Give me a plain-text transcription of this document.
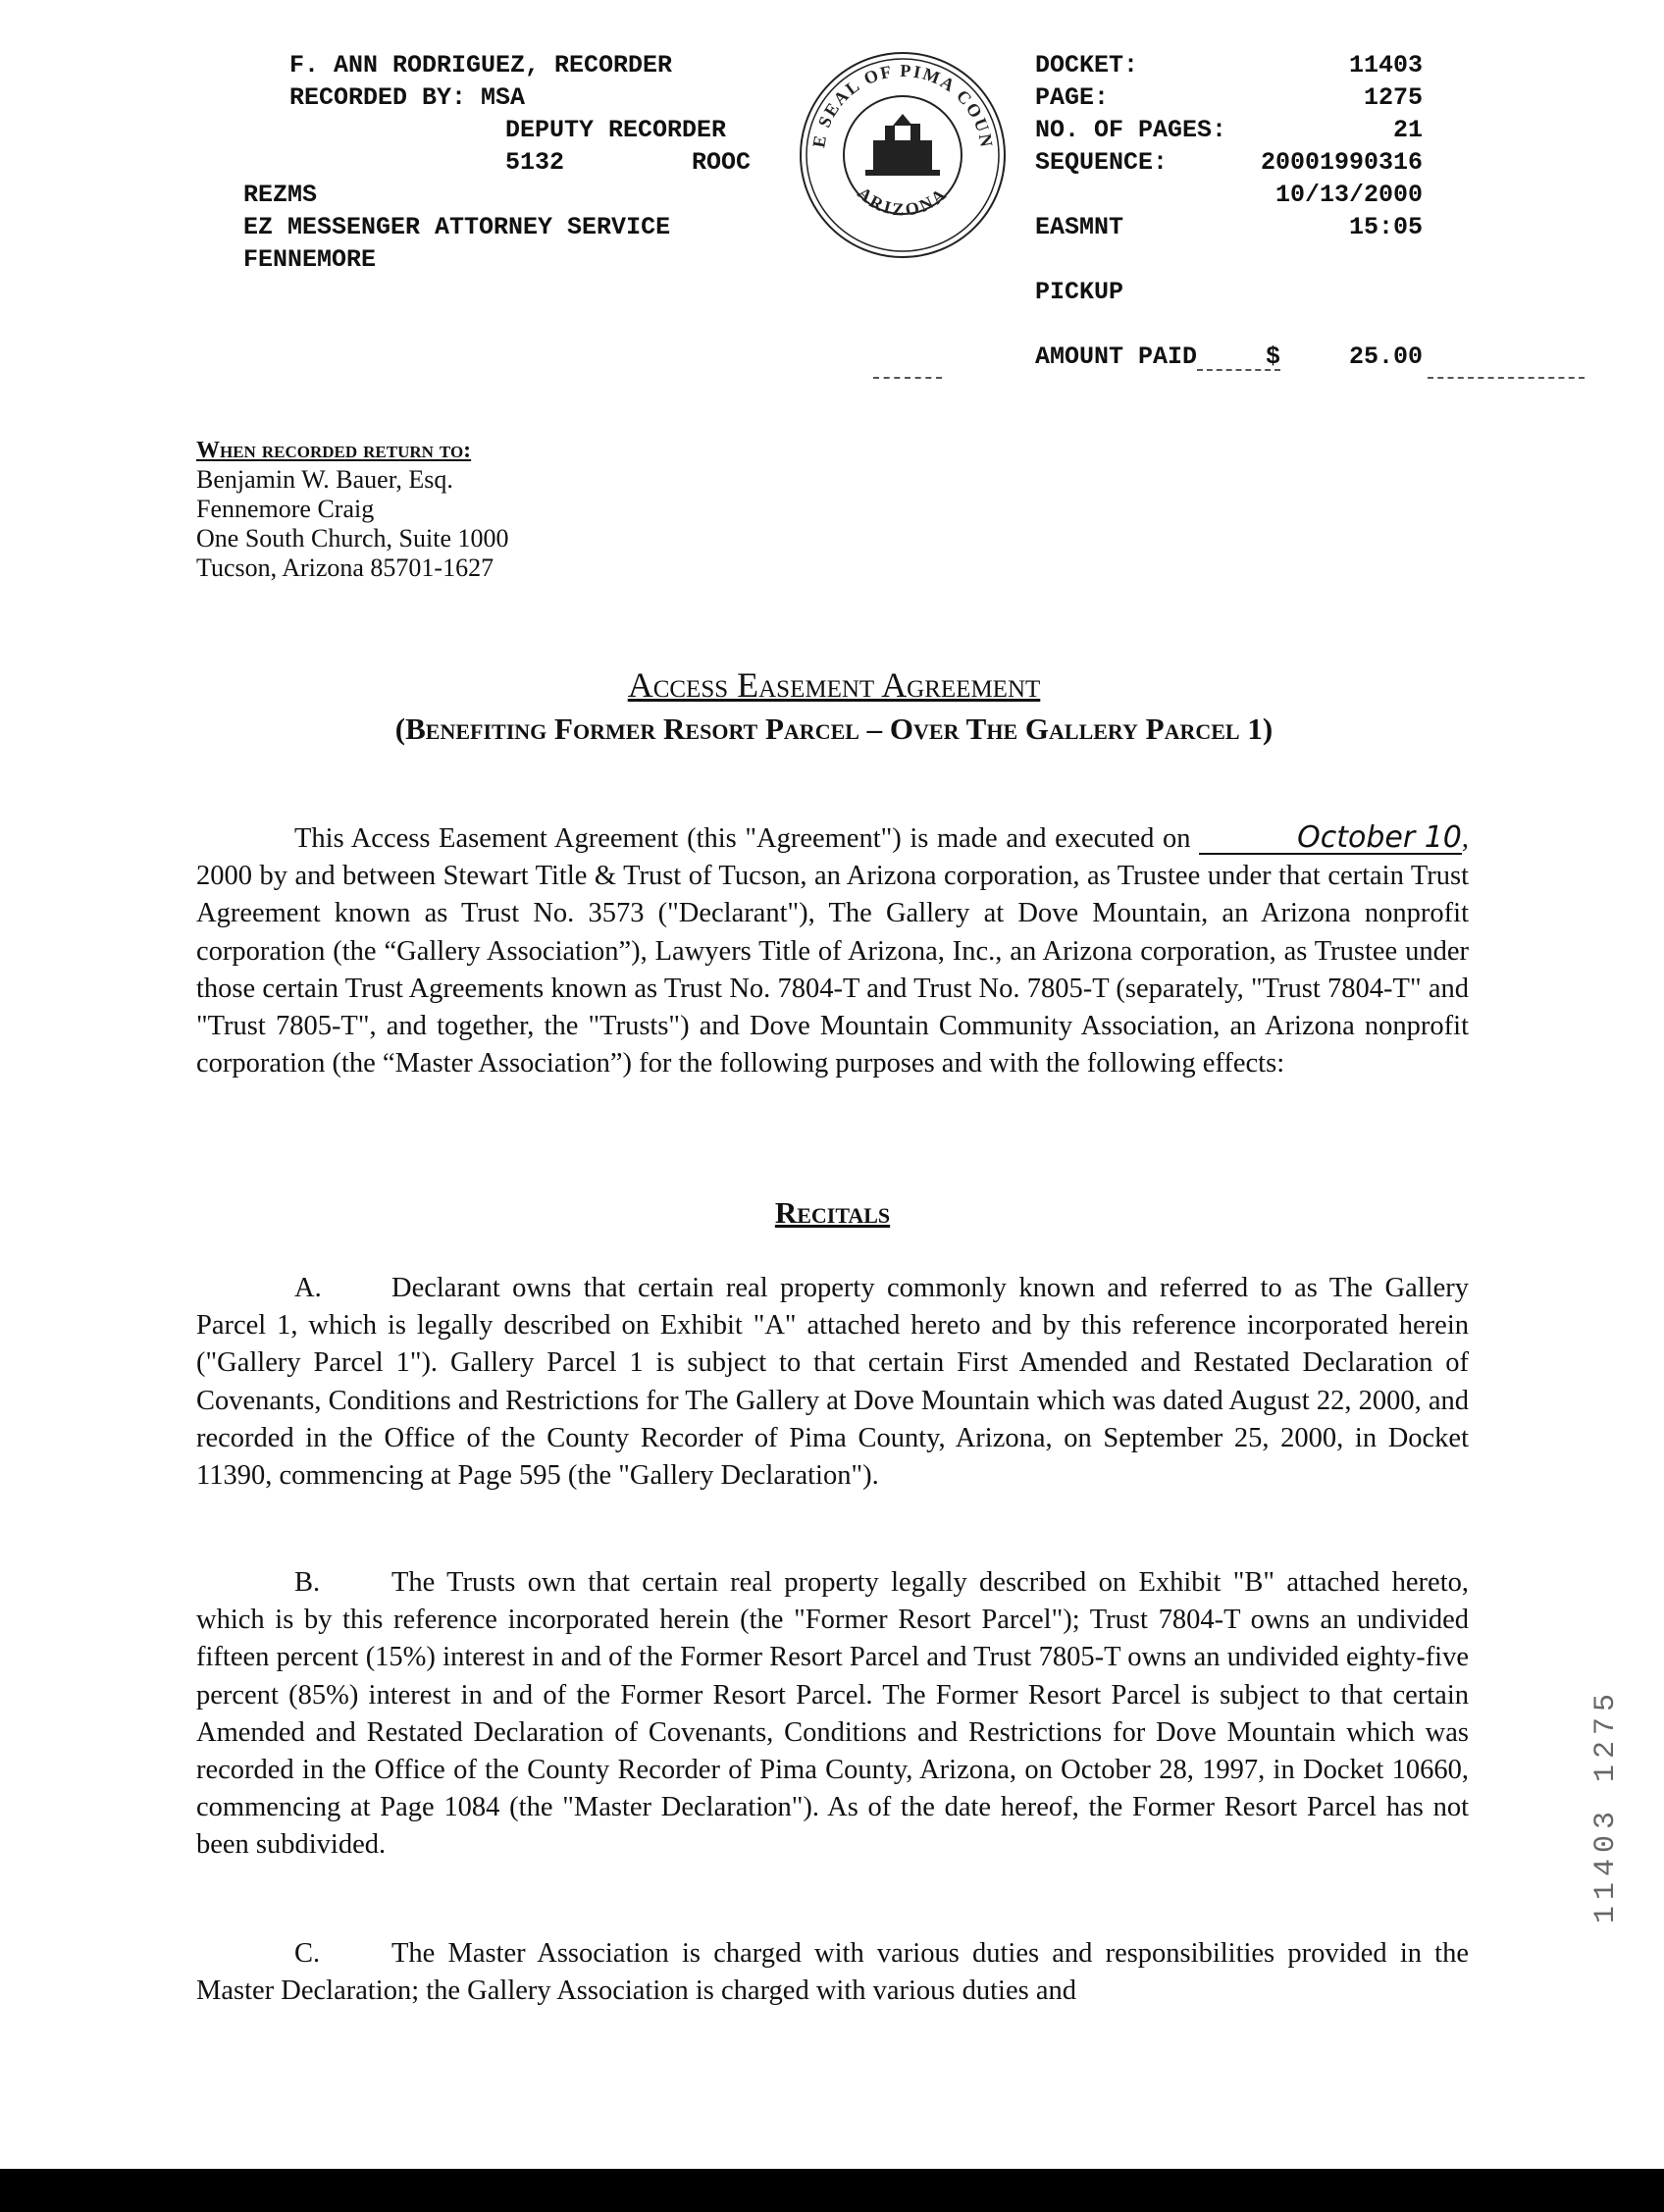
F. ANN RODRIGUEZ, RECORDER
RECORDED BY: MSA
DEPUTY RECORDER
5132	ROOC
REZMS
EZ MESSENGER ATTORNEY SERVICE
FENNEMORE
E SEAL OF PIMA COUN
ARIZONA
DOCKET:	11403
PAGE:	1275
NO. OF PAGES:	21
SEQUENCE:	20001990316
10/13/2000
EASMNT	15:05
PICKUP
AMOUNT PAID	$	25.00
When recorded return to:
Benjamin W. Bauer, Esq.
Fennemore Craig
One South Church, Suite 1000
Tucson, Arizona 85701-1627
Access Easement Agreement
(Benefiting Former Resort Parcel – Over The Gallery Parcel 1)
This Access Easement Agreement (this "Agreement") is made and executed on	October 10, 2000 by and between Stewart Title & Trust of Tucson, an Arizona corporation, as Trustee under that certain Trust Agreement known as Trust No. 3573 ("Declarant"), The Gallery at Dove Mountain, an Arizona nonprofit corporation (the “Gallery Association”), Lawyers Title of Arizona, Inc., an Arizona corporation, as Trustee under those certain Trust Agreements known as Trust No. 7804-T and Trust No. 7805-T (separately, "Trust 7804-T" and "Trust 7805-T", and together, the "Trusts") and Dove Mountain Community Association, an Arizona nonprofit corporation (the “Master Association”) for the following purposes and with the following effects:
Recitals
A.	Declarant owns that certain real property commonly known and referred to as The Gallery Parcel 1, which is legally described on Exhibit "A" attached hereto and by this reference incorporated herein ("Gallery Parcel 1"). Gallery Parcel 1 is subject to that certain First Amended and Restated Declaration of Covenants, Conditions and Restrictions for The Gallery at Dove Mountain which was dated August 22, 2000, and recorded in the Office of the County Recorder of Pima County, Arizona, on September 25, 2000, in Docket 11390, commencing at Page 595 (the "Gallery Declaration").
B.	The Trusts own that certain real property legally described on Exhibit "B" attached hereto, which is by this reference incorporated herein (the "Former Resort Parcel"); Trust 7804-T owns an undivided fifteen percent (15%) interest in and of the Former Resort Parcel and Trust 7805-T owns an undivided eighty-five percent (85%) interest in and of the Former Resort Parcel. The Former Resort Parcel is subject to that certain Amended and Restated Declaration of Covenants, Conditions and Restrictions for Dove Mountain which was recorded in the Office of the County Recorder of Pima County, Arizona, on October 28, 1997, in Docket 10660, commencing at Page 1084 (the "Master Declaration"). As of the date hereof, the Former Resort Parcel has not been subdivided.
C.	The Master Association is charged with various duties and responsibilities provided in the Master Declaration; the Gallery Association is charged with various duties and
11403 1275
